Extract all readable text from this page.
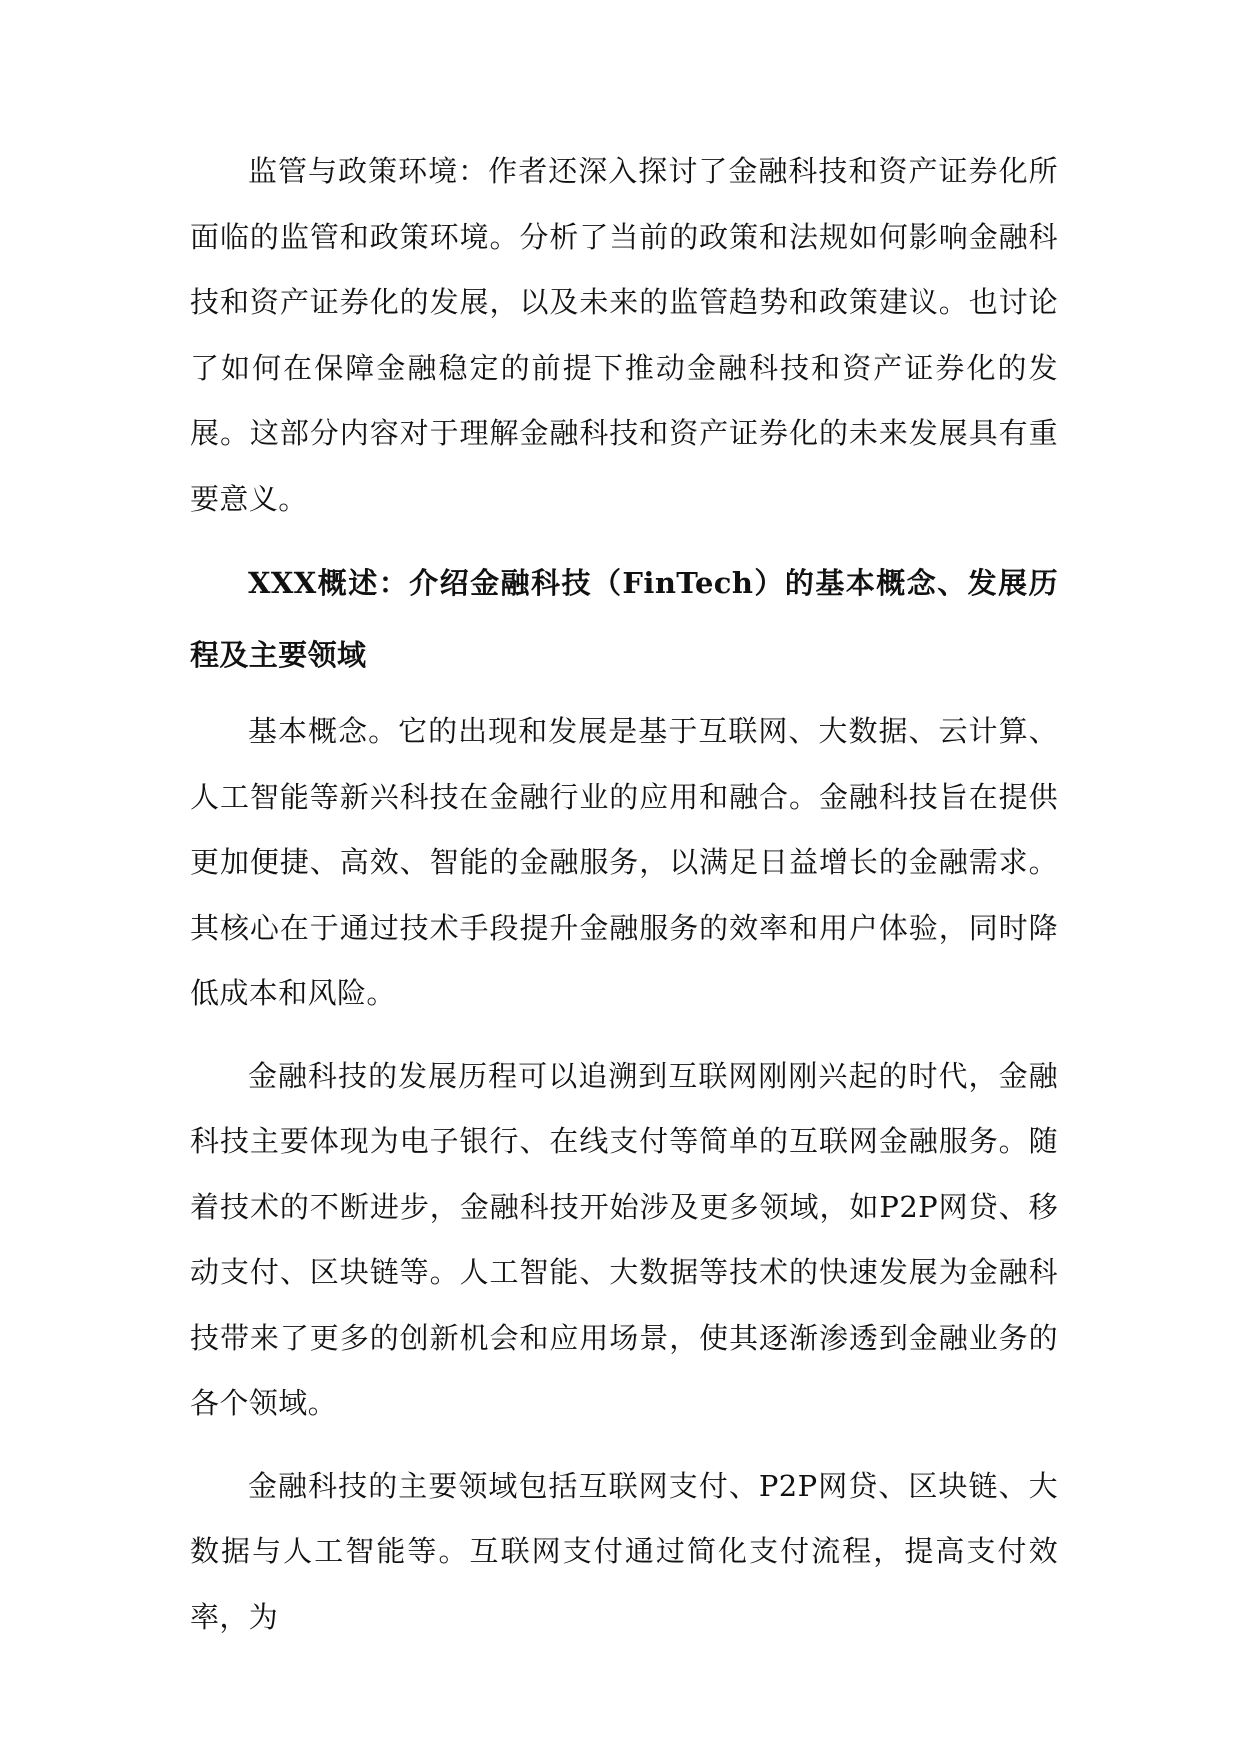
监管与政策环境：作者还深入探讨了金融科技和资产证券化所面临的监管和政策环境。分析了当前的政策和法规如何影响金融科技和资产证券化的发展，以及未来的监管趋势和政策建议。也讨论了如何在保障金融稳定的前提下推动金融科技和资产证券化的发展。这部分内容对于理解金融科技和资产证券化的未来发展具有重要意义。

XXX概述：介绍金融科技（FinTech）的基本概念、发展历程及主要领域

基本概念。它的出现和发展是基于互联网、大数据、云计算、人工智能等新兴科技在金融行业的应用和融合。金融科技旨在提供更加便捷、高效、智能的金融服务，以满足日益增长的金融需求。其核心在于通过技术手段提升金融服务的效率和用户体验，同时降低成本和风险。

金融科技的发展历程可以追溯到互联网刚刚兴起的时代，金融科技主要体现为电子银行、在线支付等简单的互联网金融服务。随着技术的不断进步，金融科技开始涉及更多领域，如P2P网贷、移动支付、区块链等。人工智能、大数据等技术的快速发展为金融科技带来了更多的创新机会和应用场景，使其逐渐渗透到金融业务的各个领域。

金融科技的主要领域包括互联网支付、P2P网贷、区块链、大数据与人工智能等。互联网支付通过简化支付流程，提高支付效率，为
